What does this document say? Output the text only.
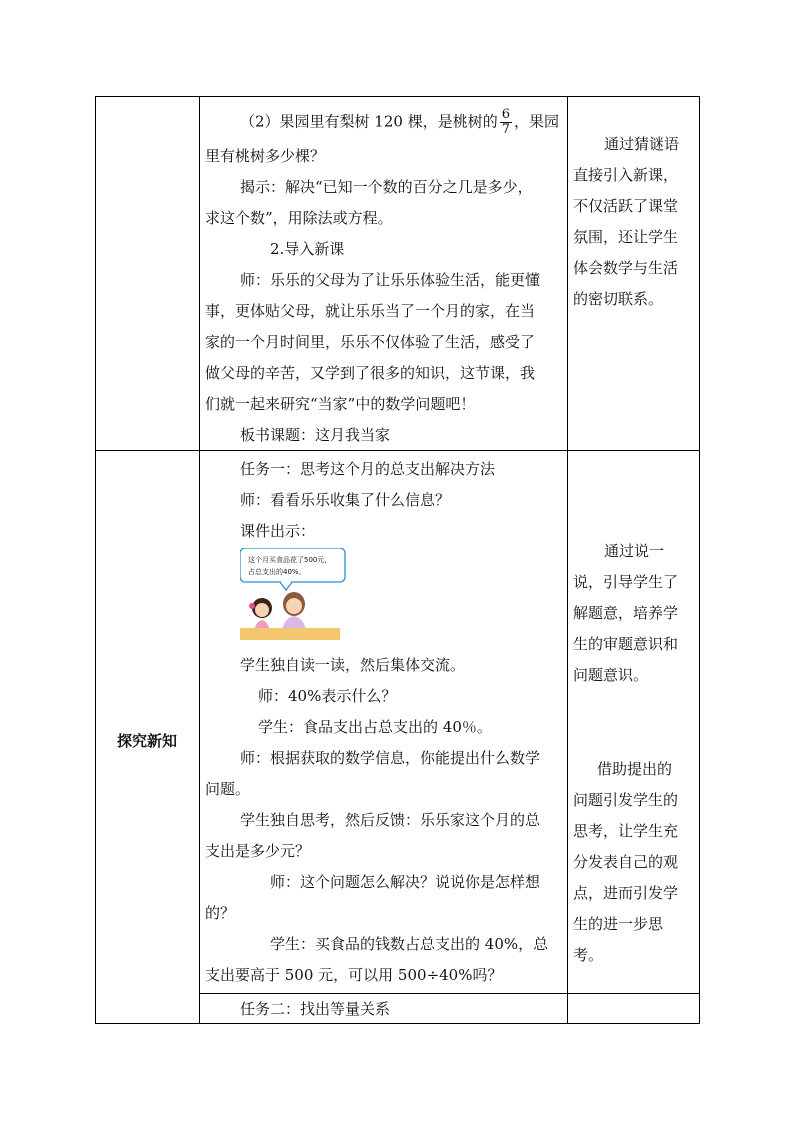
（2）果园里有梨树 120 棵，是桃树的 $\frac{6}{7}$ ，果园
里有桃树多少棵？
揭示：解决“已知一个数的百分之几是多少，
求这个数”，用除法或方程。
2.导入新课
师：乐乐的父母为了让乐乐体验生活，能更懂
事，更体贴父母，就让乐乐当了一个月的家，在当
家的一个月时间里，乐乐不仅体验了生活，感受了
做父母的辛苦，又学到了很多的知识，这节课，我
们就一起来研究“当家”中的数学问题吧！
板书课题：这月我当家
通过猜谜语
直接引入新课，
不仅活跃了课堂
氛围，还让学生
体会数学与生活
的密切联系。
探究新知
任务一：思考这个月的总支出解决方法
师：看看乐乐收集了什么信息？
课件出示：
这个月买食品花了500元，
占总支出的40%。
学生独自读一读，然后集体交流。
师：40%表示什么？
学生：食品支出占总支出的 40％。
师：根据获取的数学信息，你能提出什么数学
问题。
学生独自思考，然后反馈：乐乐家这个月的总
支出是多少元？
师：这个问题怎么解决？说说你是怎样想
的？
学生：买食品的钱数占总支出的 40%，总
支出要高于 500 元，可以用 500÷40%吗？
通过说一
说，引导学生了
解题意，培养学
生的审题意识和
问题意识。
借助提出的
问题引发学生的
思考，让学生充
分发表自己的观
点，进而引发学
生的进一步思
考。
任务二：找出等量关系
